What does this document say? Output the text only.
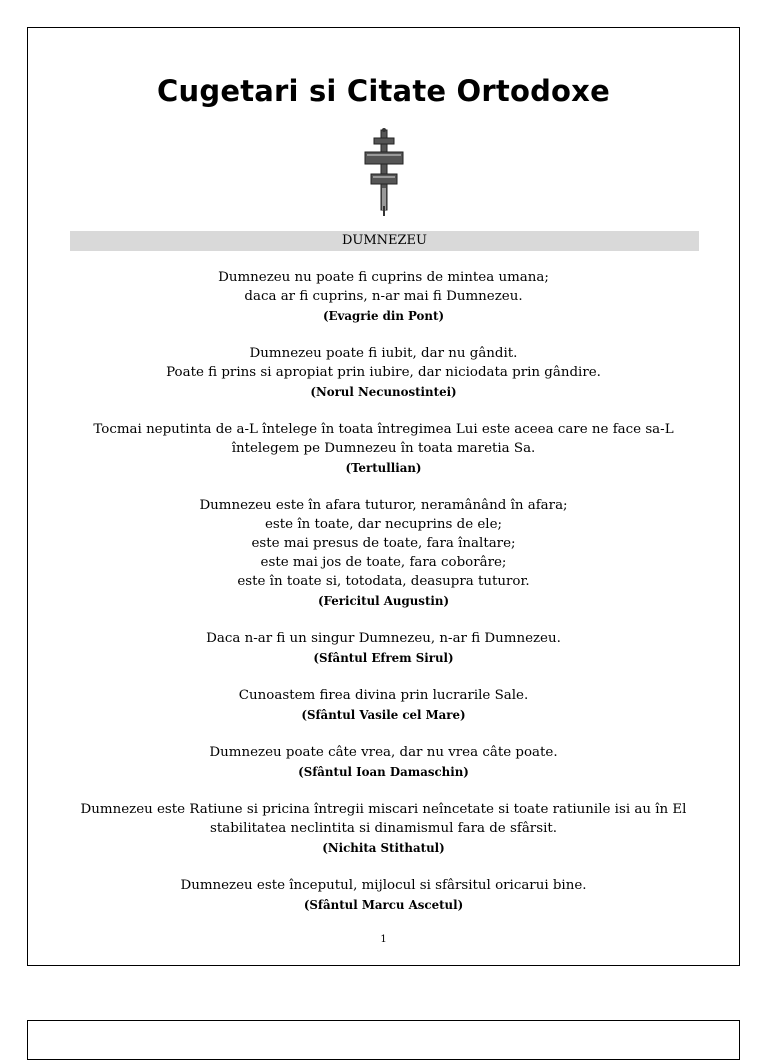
Cugetari si Citate Ortodoxe
DUMNEZEU
Dumnezeu nu poate fi cuprins de mintea umana;
daca ar fi cuprins, n-ar mai fi Dumnezeu.
(Evagrie din Pont)
Dumnezeu poate fi iubit, dar nu gândit.
Poate fi prins si apropiat prin iubire, dar niciodata prin gândire.
(Norul Necunostintei)
Tocmai neputinta de a-L întelege în toata întregimea Lui este aceea care ne face sa-L
întelegem pe Dumnezeu în toata maretia Sa.
(Tertullian)
Dumnezeu este în afara tuturor, neramânând în afara;
este în toate, dar necuprins de ele;
este mai presus de toate, fara înaltare;
este mai jos de toate, fara coborâre;
este în toate si, totodata, deasupra tuturor.
(Fericitul Augustin)
Daca n-ar fi un singur Dumnezeu, n-ar fi Dumnezeu.
(Sfântul Efrem Sirul)
Cunoastem firea divina prin lucrarile Sale.
(Sfântul Vasile cel Mare)
Dumnezeu poate câte vrea, dar nu vrea câte poate.
(Sfântul Ioan Damaschin)
Dumnezeu este Ratiune si pricina întregii miscari neîncetate si toate ratiunile isi au în El
stabilitatea neclintita si dinamismul fara de sfârsit.
(Nichita Stithatul)
Dumnezeu este începutul, mijlocul si sfârsitul oricarui bine.
(Sfântul Marcu Ascetul)
1
